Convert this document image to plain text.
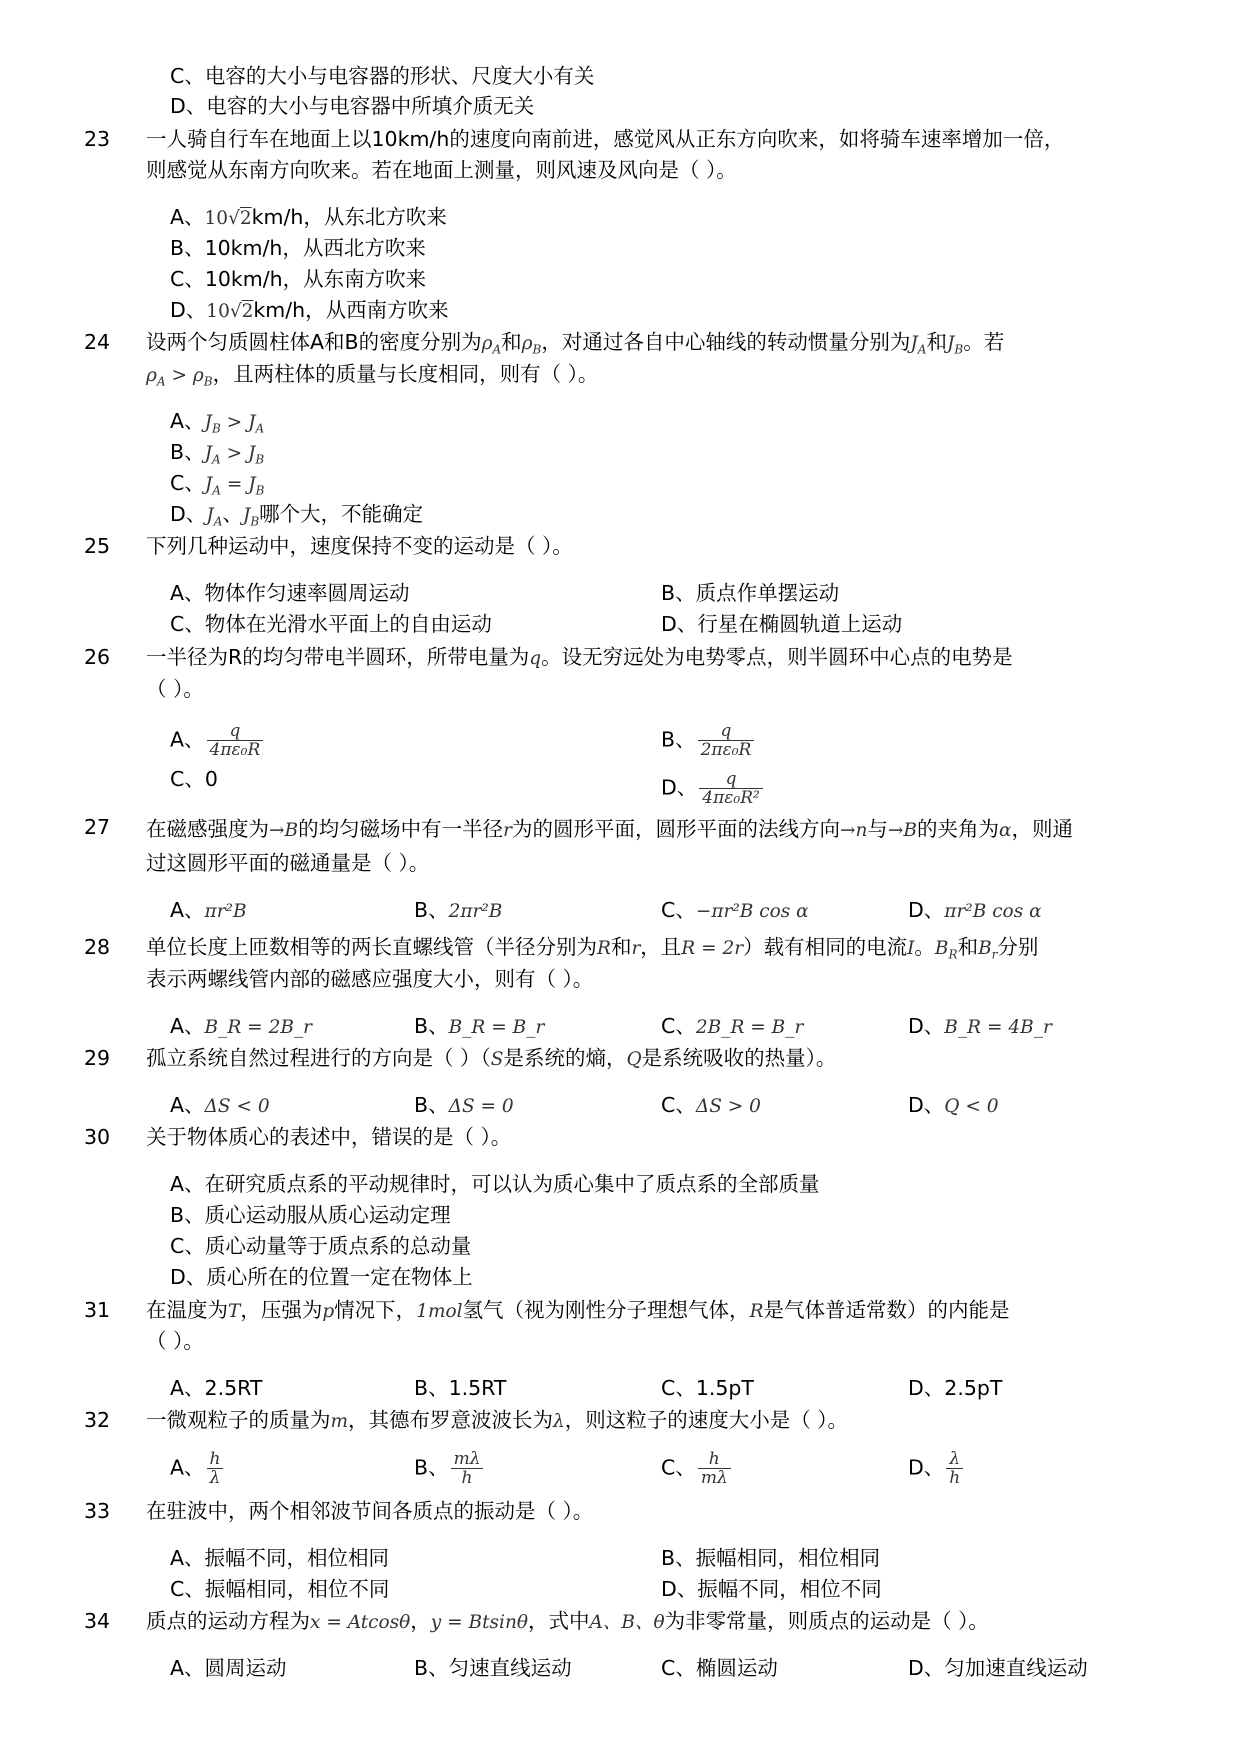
C、电容的大小与电容器的形状、尺度大小有关
D、电容的大小与电容器中所填介质无关
23 一人骑自行车在地面上以10km/h的速度向南前进，感觉风从正东方向吹来，如将骑车速率增加一倍，
则感觉从东南方向吹来。若在地面上测量，则风速及风向是（ ）。
A、10√2km/h，从东北方吹来
B、10km/h，从西北方吹来
C、10km/h，从东南方吹来
D、10√2km/h，从西南方吹来
24 设两个匀质圆柱体A和B的密度分别为$\rho_A$和$\rho_B$，对通过各自中心轴线的转动惯量分别为$J_A$和$J_B$。若
$\rho_A > \rho_B$，且两柱体的质量与长度相同，则有（ ）。
A、$J_B > J_A$
B、$J_A > J_B$
C、$J_A = J_B$
D、$J_A$、$J_B$哪个大，不能确定
25 下列几种运动中，速度保持不变的运动是（ ）。
A、物体作匀速率圆周运动	B、质点作单摆运动
C、物体在光滑水平面上的自由运动	D、行星在椭圆轨道上运动
26 一半径为R的均匀带电半圆环，所带电量为q。设无穷远处为电势零点，则半圆环中心点的电势是
（ ）。
A、 $\frac{q}{\text{4πε₀R}}$	B、 $\frac{q}{\text{2πε₀R}}$
C、0	D、 $\frac{q}{\text{4πε₀R²}}$
27 在磁感强度为→B的均匀磁场中有一半径r为的圆形平面，圆形平面的法线方向→n与→B的夹角为α，则通
过这圆形平面的磁通量是（ ）。
A、πr²B	B、2πr²B	C、−πr²B cos α	D、πr²B cos α
28 单位长度上匝数相等的两长直螺线管（半径分别为R和r，且R = 2r）载有相同的电流I。$B_R$和$B_r$分别
表示两螺线管内部的磁感应强度大小，则有（ ）。
A、B_R = 2B_r	B、B_R = B_r	C、2B_R = B_r	D、B_R = 4B_r
29 孤立系统自然过程进行的方向是（ ）（S是系统的熵，Q是系统吸收的热量）。
A、ΔS < 0	B、ΔS = 0	C、ΔS > 0	D、Q < 0
30 关于物体质心的表述中，错误的是（ ）。
A、在研究质点系的平动规律时，可以认为质心集中了质点系的全部质量
B、质心运动服从质心运动定理
C、质心动量等于质点系的总动量
D、质心所在的位置一定在物体上
31 在温度为T，压强为p情况下，1mol氢气（视为刚性分子理想气体，R是气体普适常数）的内能是
（ ）。
A、2.5RT	B、1.5RT	C、1.5pT	D、2.5pT
32 一微观粒子的质量为m，其德布罗意波波长为λ，则这粒子的速度大小是（ ）。
A、 $\frac{h}{\lambda}$	B、 $\frac{m\lambda}{h}$	C、 $\frac{h}{m\lambda}$	D、 $\frac{\lambda}{h}$
33 在驻波中，两个相邻波节间各质点的振动是（ ）。
A、振幅不同，相位相同	B、振幅相同，相位相同
C、振幅相同，相位不同	D、振幅不同，相位不同
34 质点的运动方程为x = Atcosθ，y = Btsinθ，式中A、B、θ为非零常量，则质点的运动是（ ）。
A、圆周运动	B、匀速直线运动	C、椭圆运动	D、匀加速直线运动
